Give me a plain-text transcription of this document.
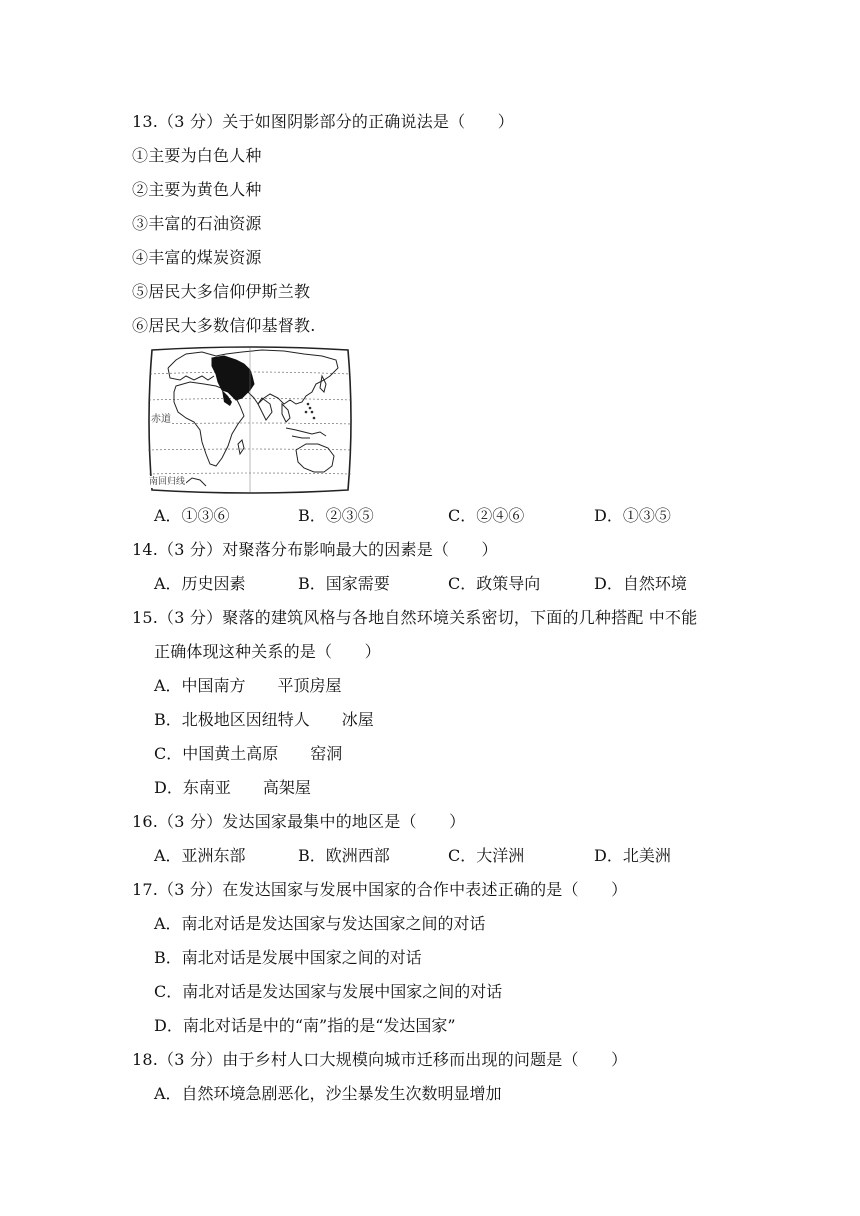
13.（3 分）关于如图阴影部分的正确说法是（　　）
①主要为白色人种
②主要为黄色人种
③丰富的石油资源
④丰富的煤炭资源
⑤居民大多信仰伊斯兰教
⑥居民大多数信仰基督教.
赤道
南回归线
A．①③⑥	B．②③⑤	C．②④⑥	D．①③⑤
14.（3 分）对聚落分布影响最大的因素是（　　）
A．历史因素	B．国家需要	C．政策导向	D．自然环境
15.（3 分）聚落的建筑风格与各地自然环境关系密切，下面的几种搭配 中不能
正确体现这种关系的是（　　）
A．中国南方　　平顶房屋
B．北极地区因纽特人　　冰屋
C．中国黄土高原　　窑洞
D．东南亚　　高架屋
16.（3 分）发达国家最集中的地区是（　　）
A．亚洲东部	B．欧洲西部	C．大洋洲	D．北美洲
17.（3 分）在发达国家与发展中国家的合作中表述正确的是（　　）
A．南北对话是发达国家与发达国家之间的对话
B．南北对话是发展中国家之间的对话
C．南北对话是发达国家与发展中国家之间的对话
D．南北对话是中的“南”指的是“发达国家”
18.（3 分）由于乡村人口大规模向城市迁移而出现的问题是（　　）
A．自然环境急剧恶化，沙尘暴发生次数明显增加
